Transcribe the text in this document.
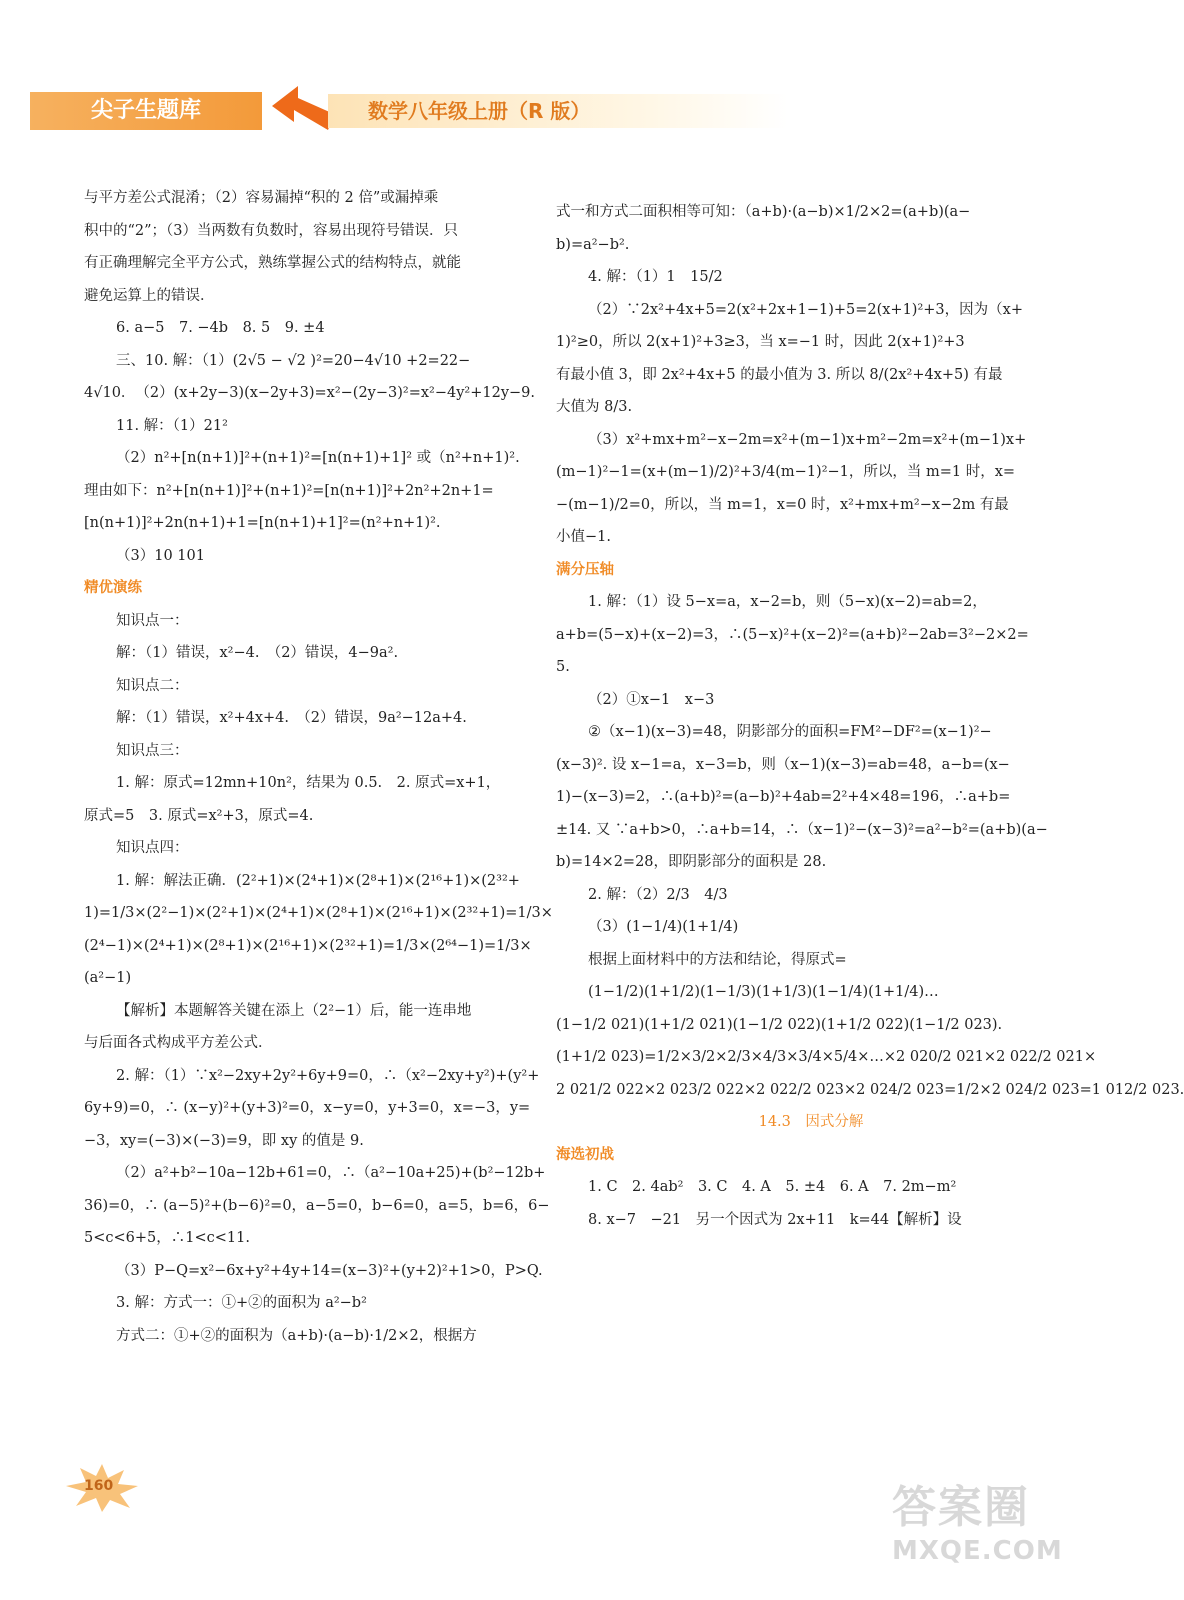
尖子生题库	数学八年级上册（R 版）

与平方差公式混淆；（2）容易漏掉“积的 2 倍”或漏掉乘

积中的“2”；（3）当两数有负数时，容易出现符号错误．只

有正确理解完全平方公式，熟练掌握公式的结构特点，就能

避免运算上的错误．

6. a−5　7. −4b　8. 5　9. ±4

三、10. 解：（1）(2√5 − √2 )²=20−4√10 +2=22−

4√10．　（2）(x+2y−3)(x−2y+3)=x²−(2y−3)²=x²−4y²+12y−9.

11. 解：（1）21²

（2）n²+[n(n+1)]²+(n+1)²=[n(n+1)+1]² 或（n²+n+1)².

理由如下：n²+[n(n+1)]²+(n+1)²=[n(n+1)]²+2n²+2n+1=

[n(n+1)]²+2n(n+1)+1=[n(n+1)+1]²=(n²+n+1)².

（3）10 101

精优演练

知识点一：

解：（1）错误，x²−4.　（2）错误，4−9a².

知识点二：

解：（1）错误，x²+4x+4.　（2）错误，9a²−12a+4.

知识点三：

1. 解：原式=12mn+10n²，结果为 0.5.　2. 原式=x+1，

原式=5　3. 原式=x²+3，原式=4.

知识点四：

1. 解：解法正确．(2²+1)×(2⁴+1)×(2⁸+1)×(2¹⁶+1)×(2³²+

1)=1/3×(2²−1)×(2²+1)×(2⁴+1)×(2⁸+1)×(2¹⁶+1)×(2³²+1)=1/3×

(2⁴−1)×(2⁴+1)×(2⁸+1)×(2¹⁶+1)×(2³²+1)=1/3×(2⁶⁴−1)=1/3×

(a²−1)

【解析】本题解答关键在添上（2²−1）后，能一连串地

与后面各式构成平方差公式．

2. 解：（1）∵x²−2xy+2y²+6y+9=0，∴（x²−2xy+y²)+(y²+

6y+9)=0，∴ (x−y)²+(y+3)²=0，x−y=0，y+3=0，x=−3，y=

−3，xy=(−3)×(−3)=9，即 xy 的值是 9.

（2）a²+b²−10a−12b+61=0，∴（a²−10a+25)+(b²−12b+

36)=0，∴ (a−5)²+(b−6)²=0，a−5=0，b−6=0，a=5，b=6，6−

5<c<6+5，∴1<c<11.

（3）P−Q=x²−6x+y²+4y+14=(x−3)²+(y+2)²+1>0，P>Q.

3. 解：方式一：①+②的面积为 a²−b²

方式二：①+②的面积为（a+b)·(a−b)·1/2×2，根据方

式一和方式二面积相等可知：（a+b)·(a−b)×1/2×2=(a+b)(a−

b)=a²−b².

4. 解：（1）1　15/2

（2）∵2x²+4x+5=2(x²+2x+1−1)+5=2(x+1)²+3，因为（x+

1)²≥0，所以 2(x+1)²+3≥3，当 x=−1 时，因此 2(x+1)²+3

有最小值 3，即 2x²+4x+5 的最小值为 3. 所以 8/(2x²+4x+5) 有最

大值为 8/3.

（3）x²+mx+m²−x−2m=x²+(m−1)x+m²−2m=x²+(m−1)x+

(m−1)²−1=(x+(m−1)/2)²+3/4(m−1)²−1，所以，当 m=1 时，x=

−(m−1)/2=0，所以，当 m=1，x=0 时，x²+mx+m²−x−2m 有最

小值−1.

满分压轴

1. 解：（1）设 5−x=a，x−2=b，则（5−x)(x−2)=ab=2，

a+b=(5−x)+(x−2)=3，∴(5−x)²+(x−2)²=(a+b)²−2ab=3²−2×2=

5.

（2）①x−1　x−3

②（x−1)(x−3)=48，阴影部分的面积=FM²−DF²=(x−1)²−

(x−3)². 设 x−1=a，x−3=b，则（x−1)(x−3)=ab=48，a−b=(x−

1)−(x−3)=2，∴(a+b)²=(a−b)²+4ab=2²+4×48=196，∴a+b=

±14. 又 ∵a+b>0，∴a+b=14，∴（x−1)²−(x−3)²=a²−b²=(a+b)(a−

b)=14×2=28，即阴影部分的面积是 28.

2. 解：（2）2/3　4/3

（3）(1−1/4)(1+1/4)

根据上面材料中的方法和结论，得原式=

(1−1/2)(1+1/2)(1−1/3)(1+1/3)(1−1/4)(1+1/4)…

(1−1/2 021)(1+1/2 021)(1−1/2 022)(1+1/2 022)(1−1/2 023).

(1+1/2 023)=1/2×3/2×2/3×4/3×3/4×5/4×…×2 020/2 021×2 022/2 021×

2 021/2 022×2 023/2 022×2 022/2 023×2 024/2 023=1/2×2 024/2 023=1 012/2 023.

14.3　因式分解

海选初战

1. C　2. 4ab²　3. C　4. A　5. ±4　6. A　7. 2m−m²

8. x−7　−21　另一个因式为 2x+11　k=44【解析】设

160	答案圈
MXQE.COM
